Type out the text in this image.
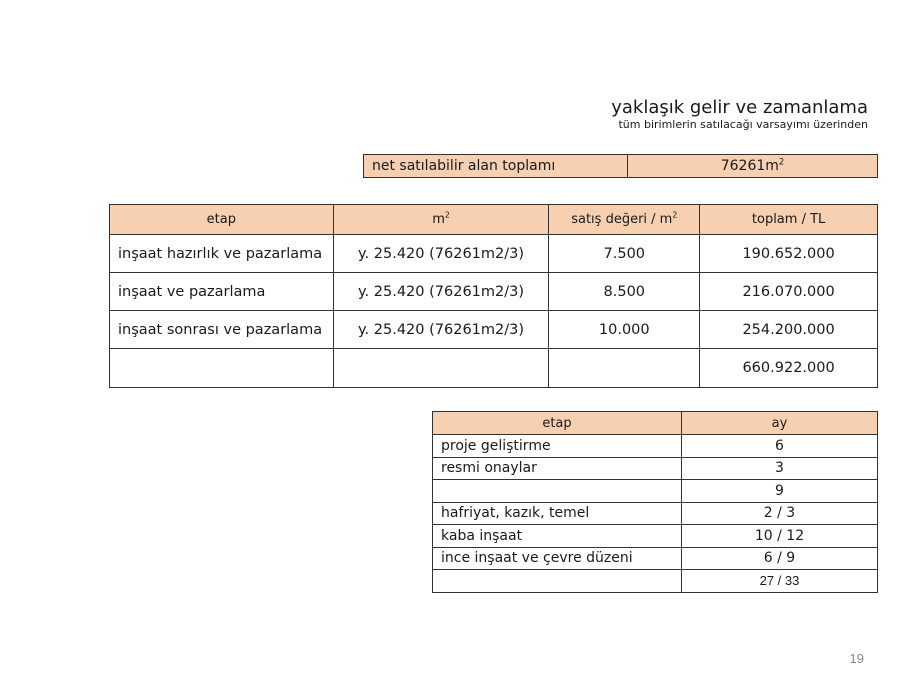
yaklaşık gelir ve zamanlama
tüm birimlerin satılacağı varsayımı üzerinden
net satılabilir alan toplamı	$76261m^2$
etap	$m^2$	satış değeri / $m^2$	toplam / TL
inşaat hazırlık ve pazarlama	y. 25.420 (76261m2/3)	7.500	190.652.000
inşaat ve pazarlama	y. 25.420 (76261m2/3)	8.500	216.070.000
inşaat sonrası ve pazarlama	y. 25.420 (76261m2/3)	10.000	254.200.000
			660.922.000
etap	ay
proje geliştirme	6
resmi onaylar	3
	9
hafriyat, kazık, temel	2 / 3
kaba inşaat	10 / 12
ince inşaat ve çevre düzeni	6 / 9
	27 / 33
19
